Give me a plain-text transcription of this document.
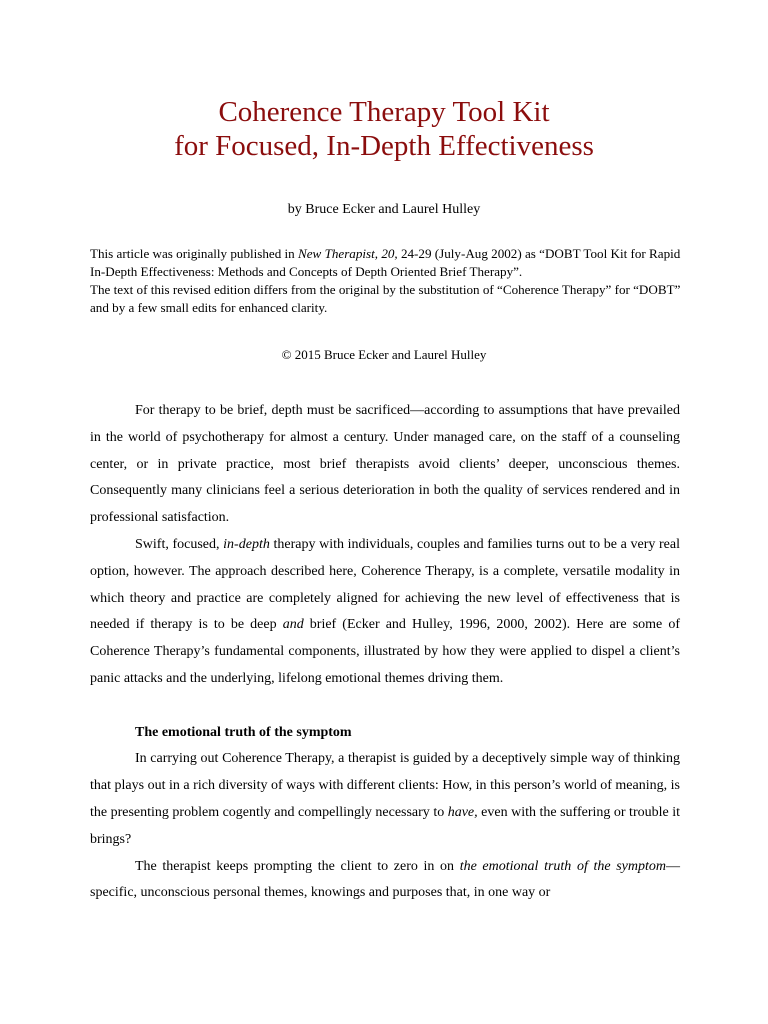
Coherence Therapy Tool Kit
for Focused, In-Depth Effectiveness
by Bruce Ecker and Laurel Hulley

This article was originally published in New Therapist, 20, 24-29 (July-Aug 2002) as “DOBT Tool Kit for Rapid In-Depth Effectiveness: Methods and Concepts of Depth Oriented Brief Therapy”.

The text of this revised edition differs from the original by the substitution of “Coherence Therapy” for “DOBT” and by a few small edits for enhanced clarity.

© 2015 Bruce Ecker and Laurel Hulley

For therapy to be brief, depth must be sacrificed—according to assumptions that have prevailed in the world of psychotherapy for almost a century. Under managed care, on the staff of a counseling center, or in private practice, most brief therapists avoid clients’ deeper, unconscious themes. Consequently many clinicians feel a serious deterioration in both the quality of services rendered and in professional satisfaction.

Swift, focused, in-depth therapy with individuals, couples and families turns out to be a very real option, however. The approach described here, Coherence Therapy, is a complete, versatile modality in which theory and practice are completely aligned for achieving the new level of effectiveness that is needed if therapy is to be deep and brief (Ecker and Hulley, 1996, 2000, 2002). Here are some of Coherence Therapy’s fundamental components, illustrated by how they were applied to dispel a client’s panic attacks and the underlying, lifelong emotional themes driving them.

The emotional truth of the symptom

In carrying out Coherence Therapy, a therapist is guided by a deceptively simple way of thinking that plays out in a rich diversity of ways with different clients: How, in this person’s world of meaning, is the presenting problem cogently and compellingly necessary to have, even with the suffering or trouble it brings?

The therapist keeps prompting the client to zero in on the emotional truth of the symptom—specific, unconscious personal themes, knowings and purposes that, in one way or
